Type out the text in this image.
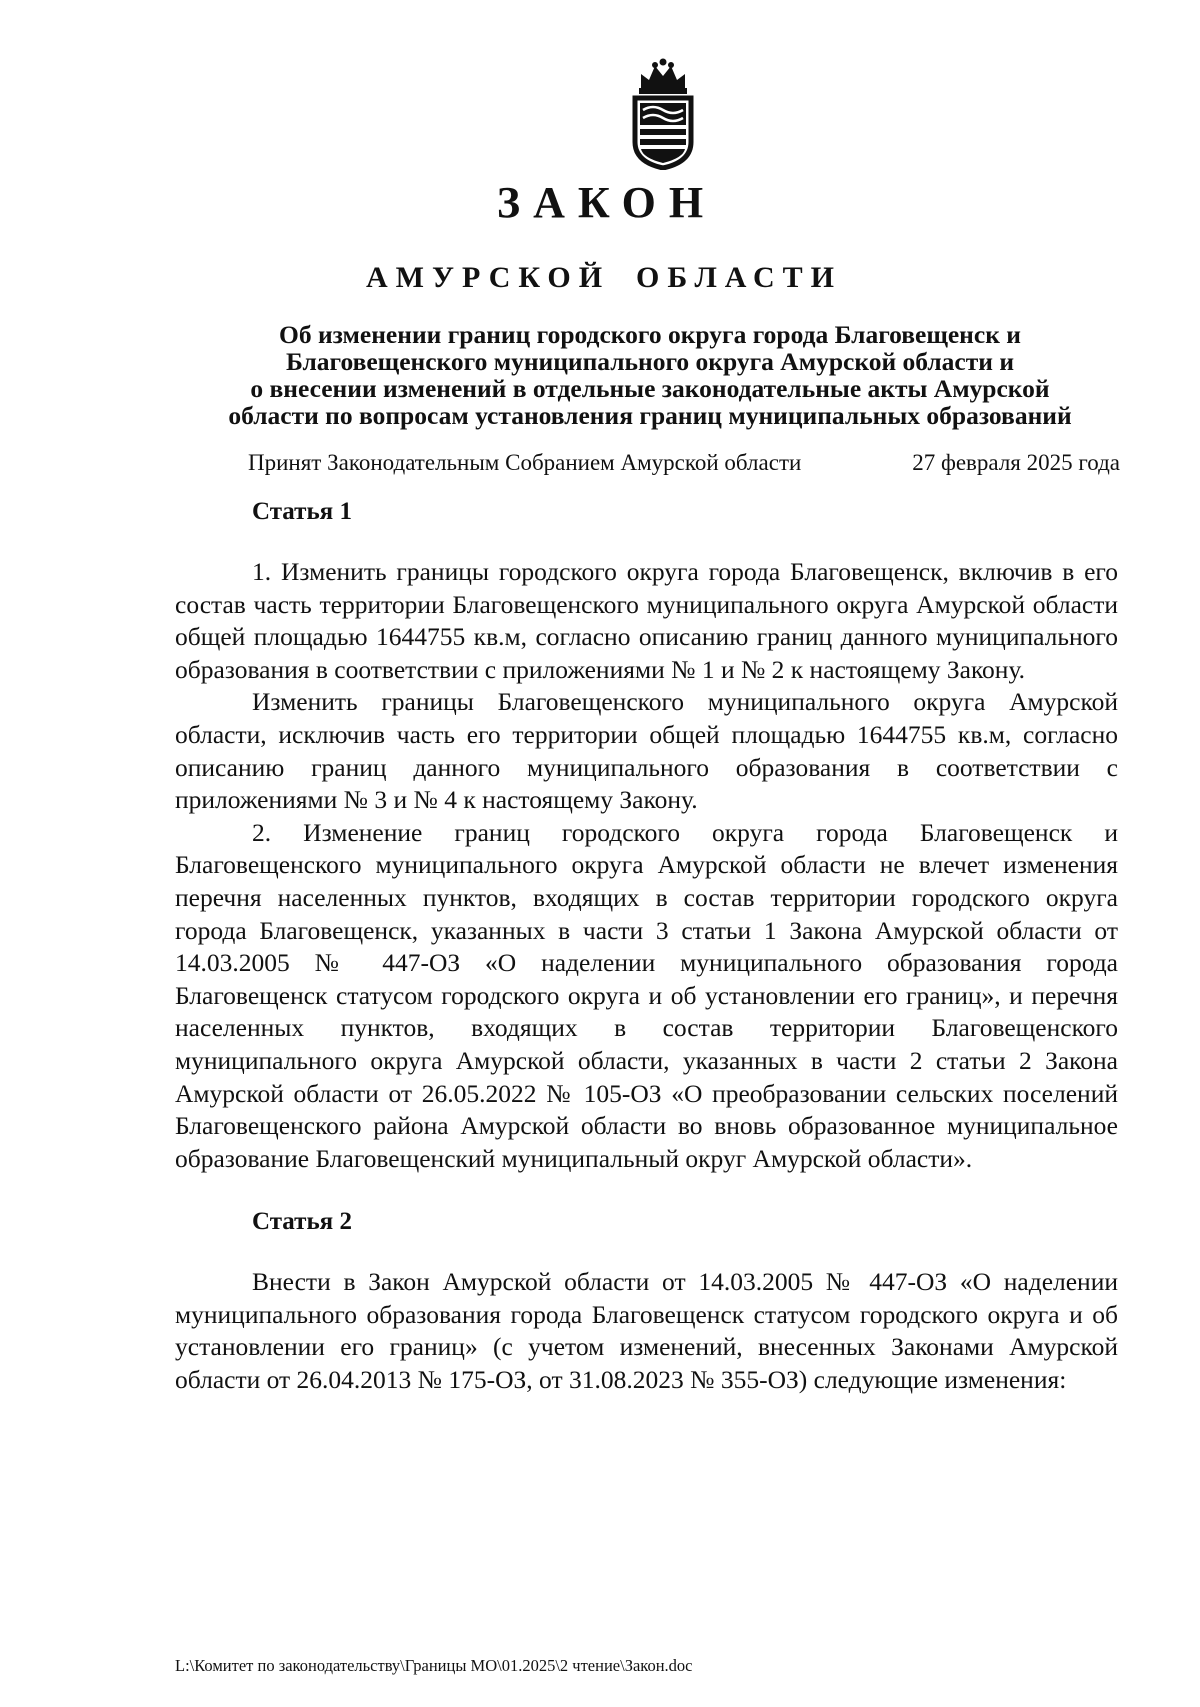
ЗАКОН
АМУРСКОЙ ОБЛАСТИ
Об изменении границ городского округа города Благовещенск и
Благовещенского муниципального округа Амурской области и
о внесении изменений в отдельные законодательные акты Амурской
области по вопросам установления границ муниципальных образований
Принят Законодательным Собранием Амурской области	27 февраля 2025 года
Статья 1

1. Изменить границы городского округа города Благовещенск, включив в его состав часть территории Благовещенского муниципального округа Амурской области общей площадью 1644755 кв.м, согласно описанию границ данного муниципального образования в соответствии с приложениями № 1 и № 2 к настоящему Закону.

Изменить границы Благовещенского муниципального округа Амурской области, исключив часть его территории общей площадью 1644755 кв.м, согласно описанию границ данного муниципального образования в соответствии с приложениями № 3 и № 4 к настоящему Закону.

2. Изменение границ городского округа города Благовещенск и Благовещенского муниципального округа Амурской области не влечет изменения перечня населенных пунктов, входящих в состав территории городского округа города Благовещенск, указанных в части 3 статьи 1 Закона Амурской области от 14.03.2005 № 447-ОЗ «О наделении муниципального образования города Благовещенск статусом городского округа и об установлении его границ», и перечня населенных пунктов, входящих в состав территории Благовещенского муниципального округа Амурской области, указанных в части 2 статьи 2 Закона Амурской области от 26.05.2022 № 105-ОЗ «О преобразовании сельских поселений Благовещенского района Амурской области во вновь образованное муниципальное образование Благовещенский муниципальный округ Амурской области».

Статья 2

Внести в Закон Амурской области от 14.03.2005 № 447-ОЗ «О наделении муниципального образования города Благовещенск статусом городского округа и об установлении его границ» (с учетом изменений, внесенных Законами Амурской области от 26.04.2013 № 175-ОЗ, от 31.08.2023 № 355-ОЗ) следующие изменения:

L:\Комитет по законодательству\Границы МО\01.2025\2 чтение\Закон.doc
